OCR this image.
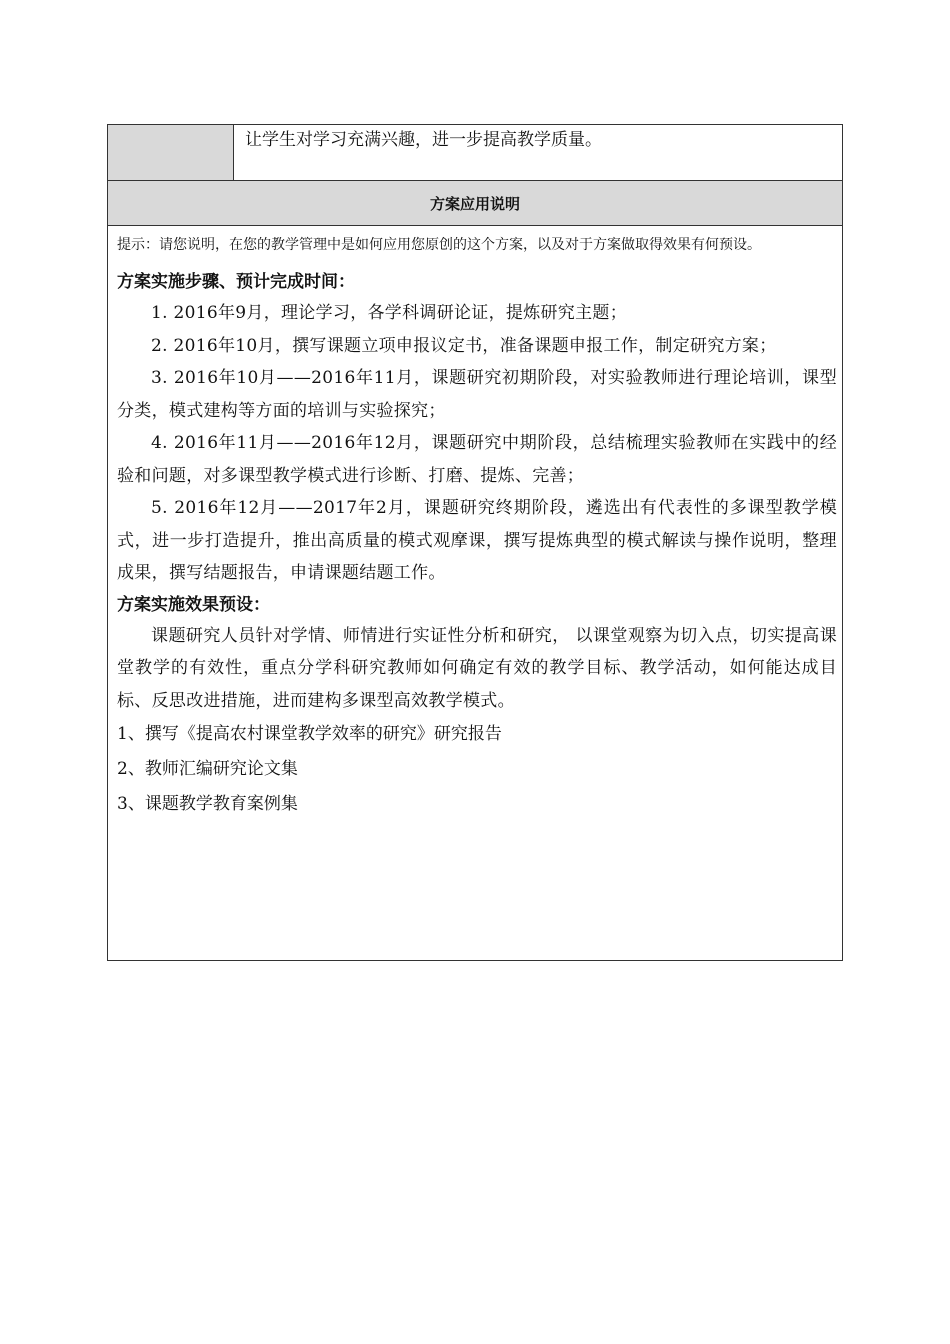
让学生对学习充满兴趣，进一步提高教学质量。
方案应用说明

提示：请您说明，在您的教学管理中是如何应用您原创的这个方案，以及对于方案做取得效果有何预设。

方案实施步骤、预计完成时间：

1. 2016年9月，理论学习，各学科调研论证，提炼研究主题；

2. 2016年10月，撰写课题立项申报议定书，准备课题申报工作，制定研究方案；

3. 2016年10月——2016年11月，课题研究初期阶段，对实验教师进行理论培训，课型分类，模式建构等方面的培训与实验探究；

4. 2016年11月——2016年12月，课题研究中期阶段，总结梳理实验教师在实践中的经验和问题，对多课型教学模式进行诊断、打磨、提炼、完善；

5. 2016年12月——2017年2月，课题研究终期阶段，遴选出有代表性的多课型教学模式，进一步打造提升，推出高质量的模式观摩课，撰写提炼典型的模式解读与操作说明，整理成果，撰写结题报告，申请课题结题工作。

方案实施效果预设：

课题研究人员针对学情、师情进行实证性分析和研究， 以课堂观察为切入点，切实提高课堂教学的有效性，重点分学科研究教师如何确定有效的教学目标、教学活动，如何能达成目标、反思改进措施，进而建构多课型高效教学模式。

1、撰写《提高农村课堂教学效率的研究》研究报告

2、教师汇编研究论文集

3、课题教学教育案例集
